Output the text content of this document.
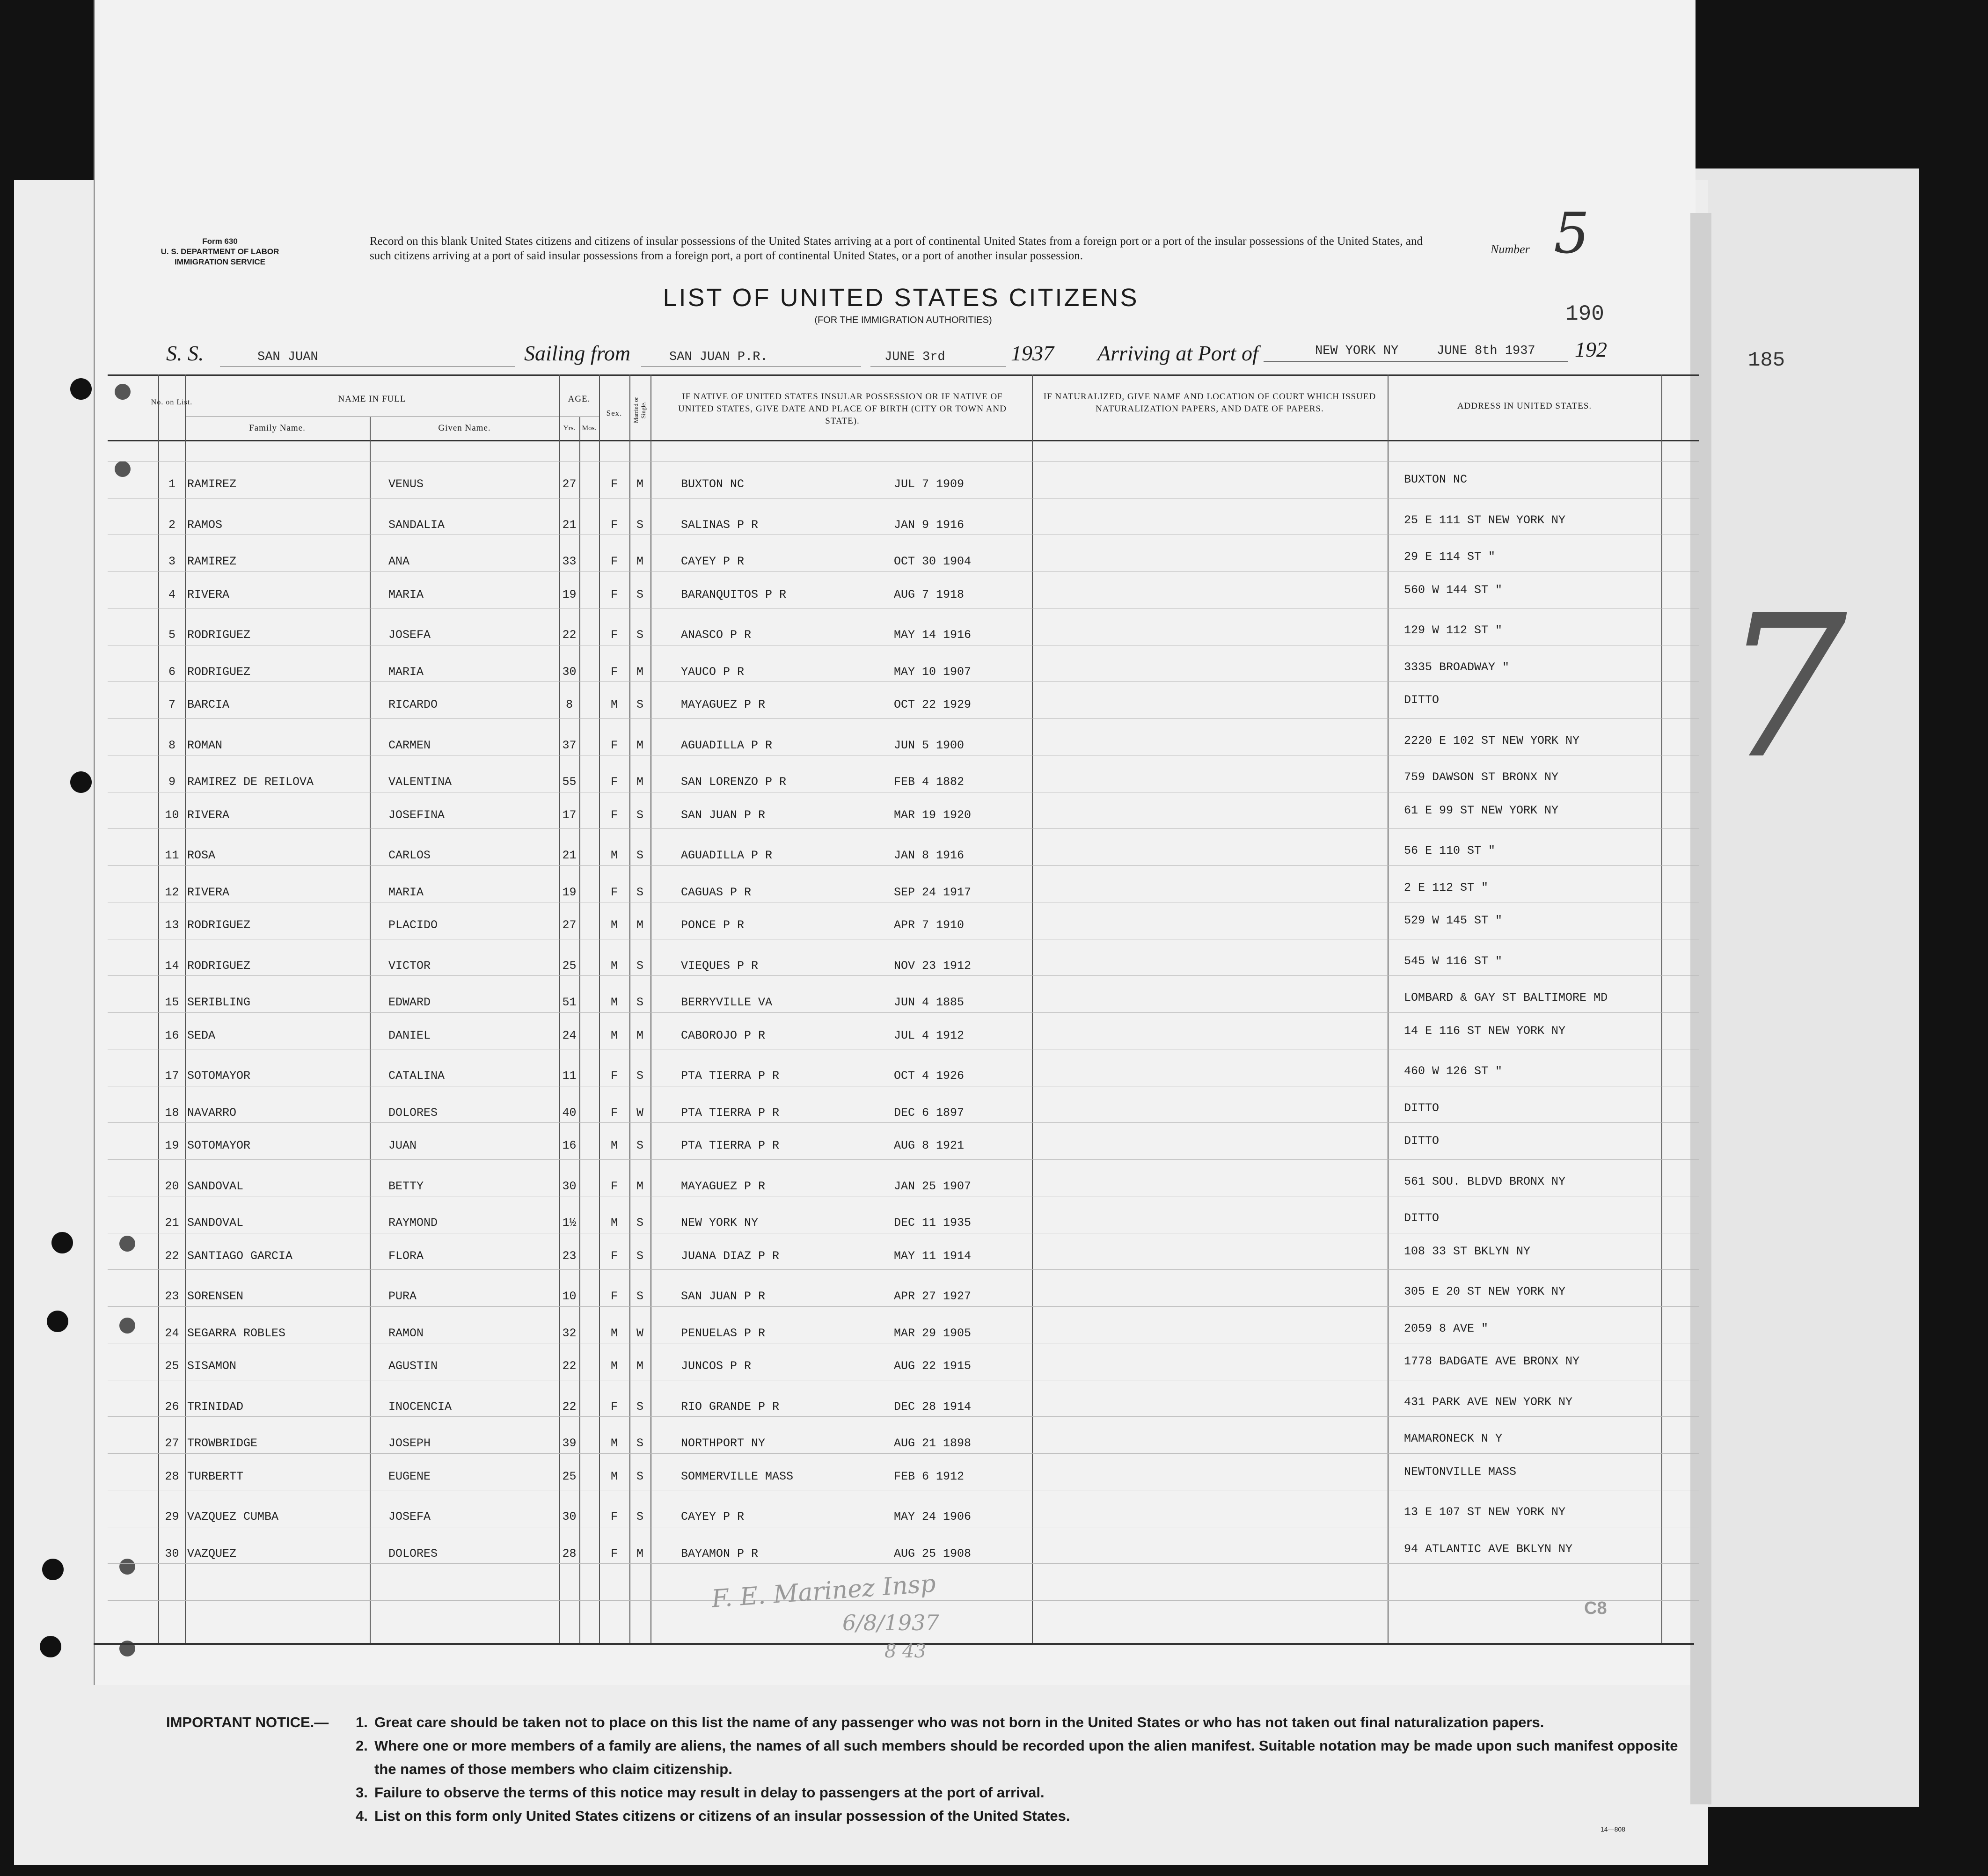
Form 630
U. S. DEPARTMENT OF LABOR
IMMIGRATION SERVICE
Record on this blank United States citizens and citizens of insular possessions of the United States arriving at a port of continental United States from a foreign port or a port of the insular possessions of the United States, and such citizens arriving at a port of said insular possessions from a foreign port, a port of continental United States, or a port of another insular possession.	Number 5
LIST OF UNITED STATES CITIZENS
(FOR THE IMMIGRATION AUTHORITIES)	190
185
7
S. S.	SAN JUAN	Sailing from	SAN JUAN P.R.	JUNE 3rd	1937 Arriving at Port of	NEW YORK NY	JUNE 8th 1937 192
No. on List.	NAME IN FULL
Family Name.	Given Name.
AGE.
Yrs. Mos.
Sex.	Married or Single.
IF NATIVE OF UNITED STATES INSULAR POSSESSION OR IF NATIVE OF UNITED STATES, GIVE DATE AND PLACE OF BIRTH (CITY OR TOWN AND STATE).
IF NATURALIZED, GIVE NAME AND LOCATION OF COURT WHICH ISSUED NATURALIZATION PAPERS, AND DATE OF PAPERS.	ADDRESS IN UNITED STATES.
1	RAMIREZ	VENUS	27	F	M	BUXTON NC	JUL 7 1909	BUXTON NC
2	RAMOS	SANDALIA	21	F	S	SALINAS P R	JAN 9 1916	25 E 111 ST NEW YORK NY
3	RAMIREZ	ANA	33	F	M	CAYEY P R	OCT 30 1904	29 E 114 ST "
4	RIVERA	MARIA	19	F	S	BARANQUITOS P R	AUG 7 1918	560 W 144 ST "
5	RODRIGUEZ	JOSEFA	22	F	S	ANASCO P R	MAY 14 1916	129 W 112 ST "
6	RODRIGUEZ	MARIA	30	F	M	YAUCO P R	MAY 10 1907	3335 BROADWAY "
7	BARCIA	RICARDO	8	M	S	MAYAGUEZ P R	OCT 22 1929	DITTO
8	ROMAN	CARMEN	37	F	M	AGUADILLA P R	JUN 5 1900	2220 E 102 ST NEW YORK NY
9	RAMIREZ DE REILOVA	VALENTINA	55	F	M	SAN LORENZO P R	FEB 4 1882	759 DAWSON ST BRONX NY
10 RIVERA	JOSEFINA	17	F	S	SAN JUAN P R	MAR 19 1920	61 E 99 ST NEW YORK NY
11 ROSA	CARLOS	21	M	S	AGUADILLA P R	JAN 8 1916	56 E 110 ST "
12 RIVERA	MARIA	19	F	S	CAGUAS P R	SEP 24 1917	2 E 112 ST "
13 RODRIGUEZ	PLACIDO	27	M	M	PONCE P R	APR 7 1910	529 W 145 ST "
14 RODRIGUEZ	VICTOR	25	M	S	VIEQUES P R	NOV 23 1912	545 W 116 ST "
15 SERIBLING	EDWARD	51	M	S	BERRYVILLE VA	JUN 4 1885	LOMBARD & GAY ST BALTIMORE MD
16 SEDA	DANIEL	24	M	M	CABOROJO P R	JUL 4 1912	14 E 116 ST NEW YORK NY
17 SOTOMAYOR	CATALINA	11	F	S	PTA TIERRA P R	OCT 4 1926	460 W 126 ST "
18 NAVARRO	DOLORES	40	F	W	PTA TIERRA P R	DEC 6 1897	DITTO
19 SOTOMAYOR	JUAN	16	M	S	PTA TIERRA P R	AUG 8 1921	DITTO
20 SANDOVAL	BETTY	30	F	M	MAYAGUEZ P R	JAN 25 1907	561 SOU. BLDVD BRONX NY
21 SANDOVAL	RAYMOND	1½	M	S	NEW YORK NY	DEC 11 1935	DITTO
22 SANTIAGO GARCIA	FLORA	23	F	S	JUANA DIAZ P R	MAY 11 1914	108 33 ST BKLYN NY
23 SORENSEN	PURA	10	F	S	SAN JUAN P R	APR 27 1927	305 E 20 ST NEW YORK NY
24 SEGARRA ROBLES	RAMON	32	M	W	PENUELAS P R	MAR 29 1905	2059 8 AVE "
25 SISAMON	AGUSTIN	22	M	M	JUNCOS P R	AUG 22 1915	1778 BADGATE AVE BRONX NY
26 TRINIDAD	INOCENCIA	22	F	S	RIO GRANDE P R	DEC 28 1914	431 PARK AVE NEW YORK NY
27 TROWBRIDGE	JOSEPH	39	M	S	NORTHPORT NY	AUG 21 1898	MAMARONECK N Y
28 TURBERTT	EUGENE	25	M	S	SOMMERVILLE MASS	FEB 6 1912	NEWTONVILLE MASS
29 VAZQUEZ CUMBA	JOSEFA	30	F	S	CAYEY P R	MAY 24 1906	13 E 107 ST NEW YORK NY
30 VAZQUEZ	DOLORES	28	F	M	BAYAMON P R	AUG 25 1908	94 ATLANTIC AVE BKLYN NY
F. E. Marinez Insp
6/8/1937
8 43
C8
IMPORTANT NOTICE.—	1. Great care should be taken not to place on this list the name of any passenger who was not born in the United States or who has not taken out final naturalization papers.
2. Where one or more members of a family are aliens, the names of all such members should be recorded upon the alien manifest. Suitable notation may be made upon such manifest opposite the names of those members who claim citizenship.
3. Failure to observe the terms of this notice may result in delay to passengers at the port of arrival.
4. List on this form only United States citizens or citizens of an insular possession of the United States.
14—808
